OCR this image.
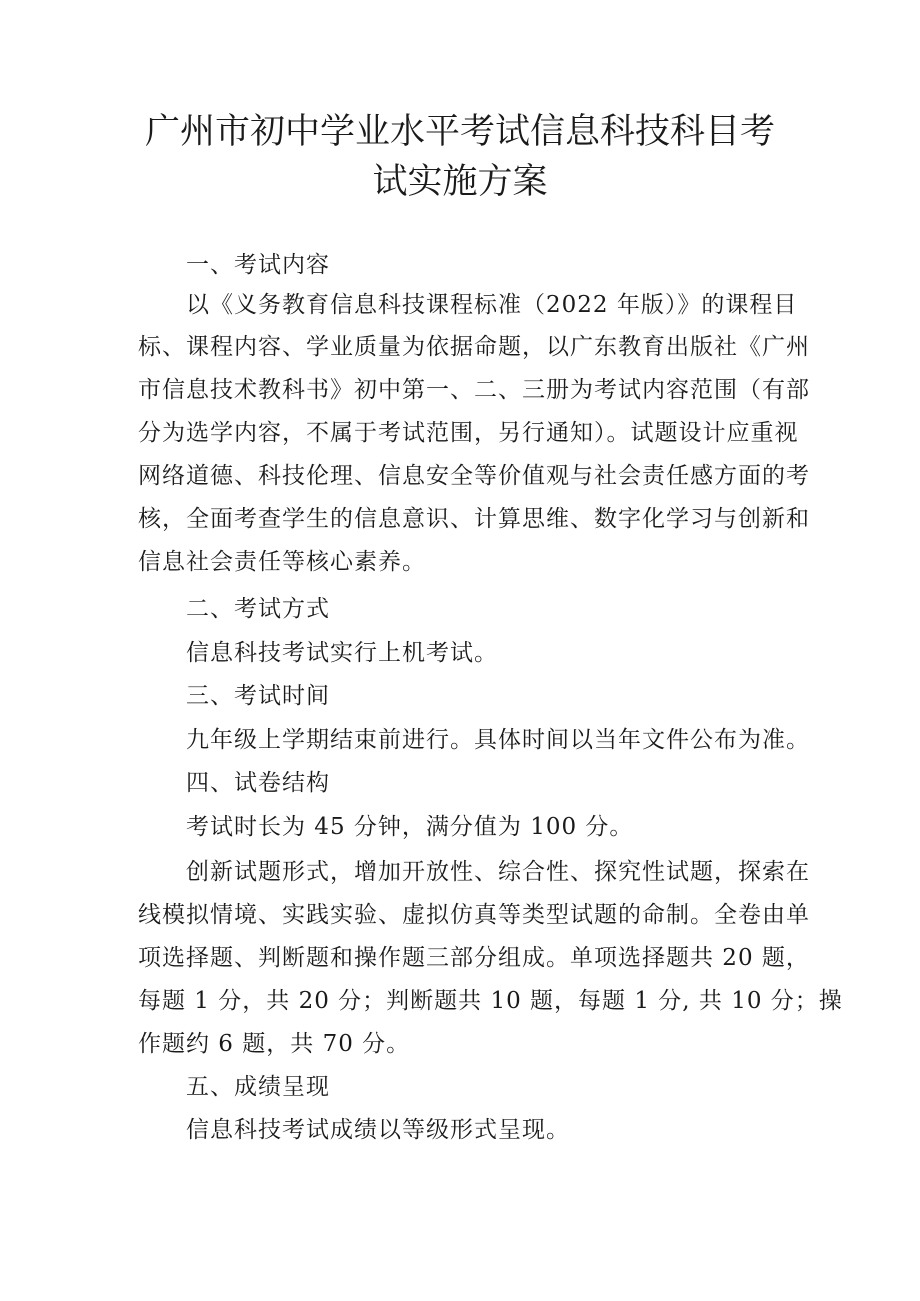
广州市初中学业水平考试信息科技科目考
试实施方案

一、考试内容

以《义务教育信息科技课程标准（2022 年版）》的课程目

标、课程内容、学业质量为依据命题，以广东教育出版社《广州

市信息技术教科书》初中第一、二、三册为考试内容范围（有部

分为选学内容，不属于考试范围，另行通知）。试题设计应重视

网络道德、科技伦理、信息安全等价值观与社会责任感方面的考

核，全面考查学生的信息意识、计算思维、数字化学习与创新和

信息社会责任等核心素养。

二、考试方式

信息科技考试实行上机考试。

三、考试时间

九年级上学期结束前进行。具体时间以当年文件公布为准。

四、试卷结构

考试时长为 45 分钟，满分值为 100 分。

创新试题形式，增加开放性、综合性、探究性试题，探索在

线模拟情境、实践实验、虚拟仿真等类型试题的命制。全卷由单

项选择题、判断题和操作题三部分组成。单项选择题共 20 题，

每题 1 分，共 20 分；判断题共 10 题，每题 1 分, 共 10 分；操

作题约 6 题，共 70 分。

五、成绩呈现

信息科技考试成绩以等级形式呈现。
